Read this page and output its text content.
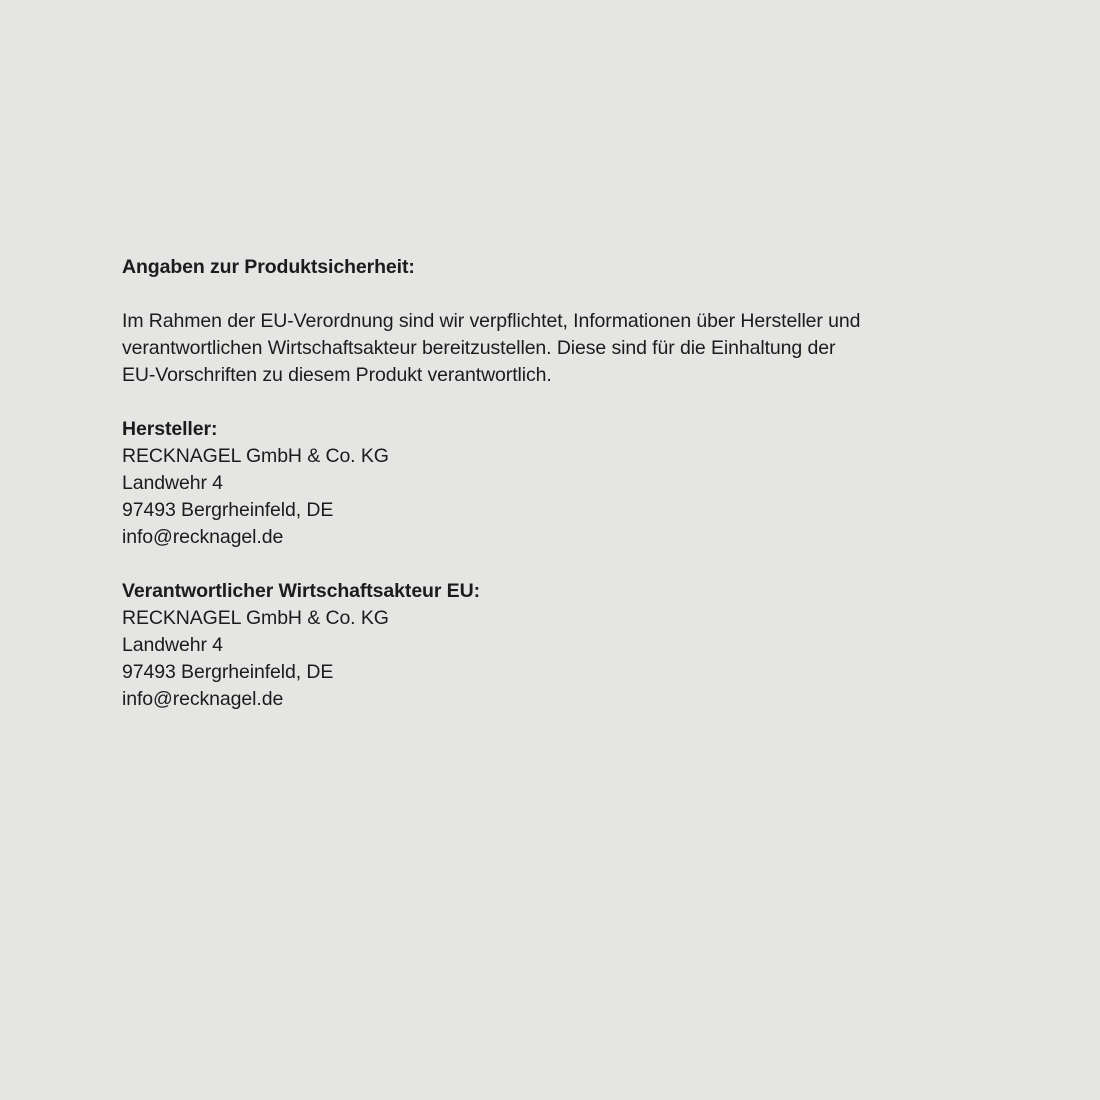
Angaben zur Produktsicherheit:
Im Rahmen der EU-Verordnung sind wir verpflichtet, Informationen über Hersteller und
verantwortlichen Wirtschaftsakteur bereitzustellen. Diese sind für die Einhaltung der
EU-Vorschriften zu diesem Produkt verantwortlich.
Hersteller:
RECKNAGEL GmbH & Co. KG
Landwehr 4
97493 Bergrheinfeld, DE
info@recknagel.de
Verantwortlicher Wirtschaftsakteur EU:
RECKNAGEL GmbH & Co. KG
Landwehr 4
97493 Bergrheinfeld, DE
info@recknagel.de
